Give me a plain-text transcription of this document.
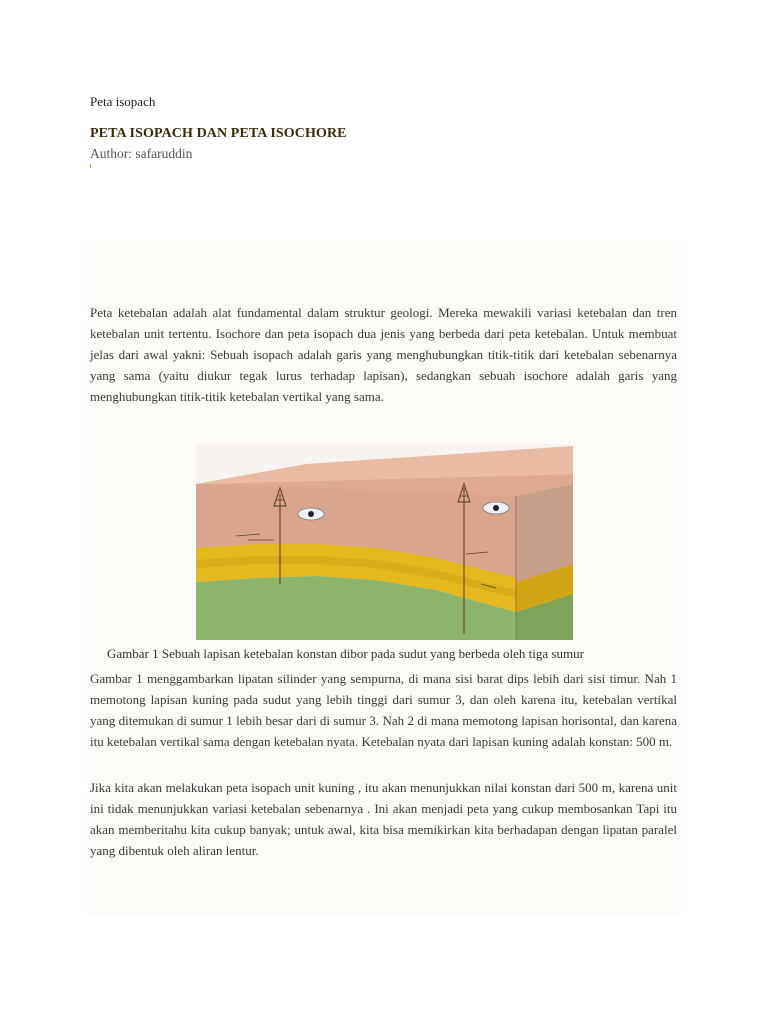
Peta isopach
PETA ISOPACH DAN PETA ISOCHORE
Author: safaruddin

Peta ketebalan adalah alat fundamental dalam struktur geologi. Mereka mewakili variasi ketebalan dan tren ketebalan unit tertentu. Isochore dan peta isopach dua jenis yang berbeda dari peta ketebalan. Untuk membuat jelas dari awal yakni: Sebuah isopach adalah garis yang menghubungkan titik-titik dari ketebalan sebenarnya yang sama (yaitu diukur tegak lurus terhadap lapisan), sedangkan sebuah isochore adalah garis yang menghubungkan titik-titik ketebalan vertikal yang sama.

Gambar 1 Sebuah lapisan ketebalan konstan dibor pada sudut yang berbeda oleh tiga sumur

Gambar 1 menggambarkan lipatan silinder yang sempurna, di mana sisi barat dips lebih dari sisi timur. Nah 1 memotong lapisan kuning pada sudut yang lebih tinggi dari sumur 3, dan oleh karena itu, ketebalan vertikal yang ditemukan di sumur 1 lebih besar dari di sumur 3. Nah 2 di mana memotong lapisan horisontal, dan karena itu ketebalan vertikal sama dengan ketebalan nyata. Ketebalan nyata dari lapisan kuning adalah konstan: 500 m.

Jika kita akan melakukan peta isopach unit kuning , itu akan menunjukkan nilai konstan dari 500 m, karena unit ini tidak menunjukkan variasi ketebalan sebenarnya . Ini akan menjadi peta yang cukup membosankan Tapi itu akan memberitahu kita cukup banyak; untuk awal, kita bisa memikirkan kita berhadapan dengan lipatan paralel yang dibentuk oleh aliran lentur.
